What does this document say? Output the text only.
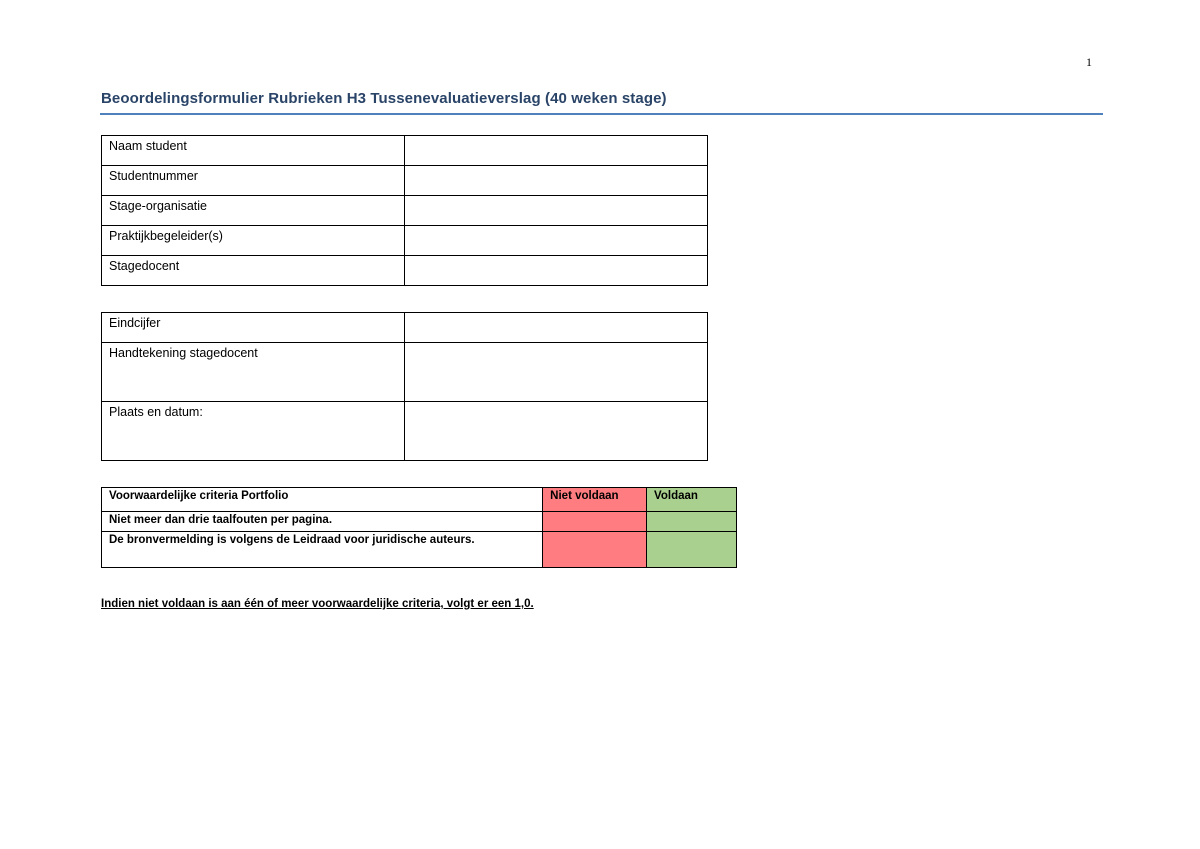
1
Beoordelingsformulier Rubrieken H3 Tussenevaluatieverslag (40 weken stage)
Naam student	
Studentnummer	
Stage-organisatie	
Praktijkbegeleider(s)	
Stagedocent	
Eindcijfer	
Handtekening stagedocent	
Plaats en datum:	
Voorwaardelijke criteria Portfolio	Niet voldaan	Voldaan
Niet meer dan drie taalfouten per pagina.		
De bronvermelding is volgens de Leidraad voor juridische auteurs.		
Indien niet voldaan is aan één of meer voorwaardelijke criteria, volgt er een 1,0.
